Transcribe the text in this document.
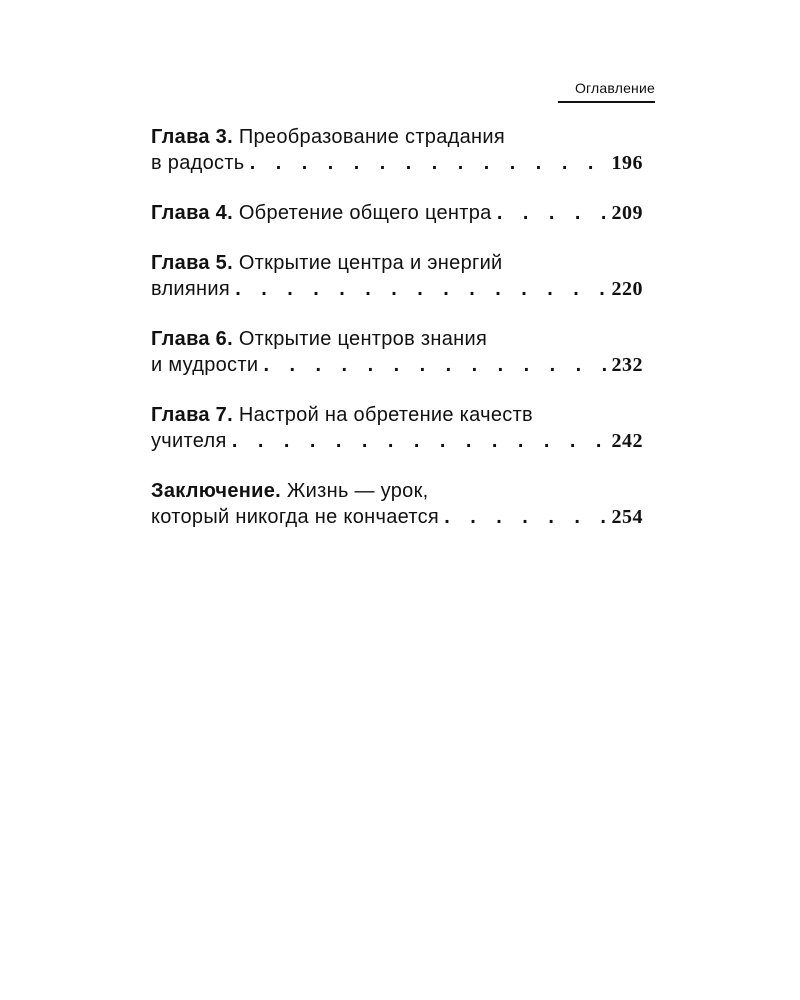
Оглавление
Глава 3.
Преобразование страдания
в радость . . .	196
Глава 4.
Обретение общего центра . . .	209
Глава 5.
Открытие центра и энергий
влияния . . .	220
Глава 6.
Открытие центров знания
и мудрости . . .	232
Глава 7.
Настрой на обретение качеств
учителя . . .	242
Заключение.
Жизнь — урок,
который никогда не кончается . . .	254
